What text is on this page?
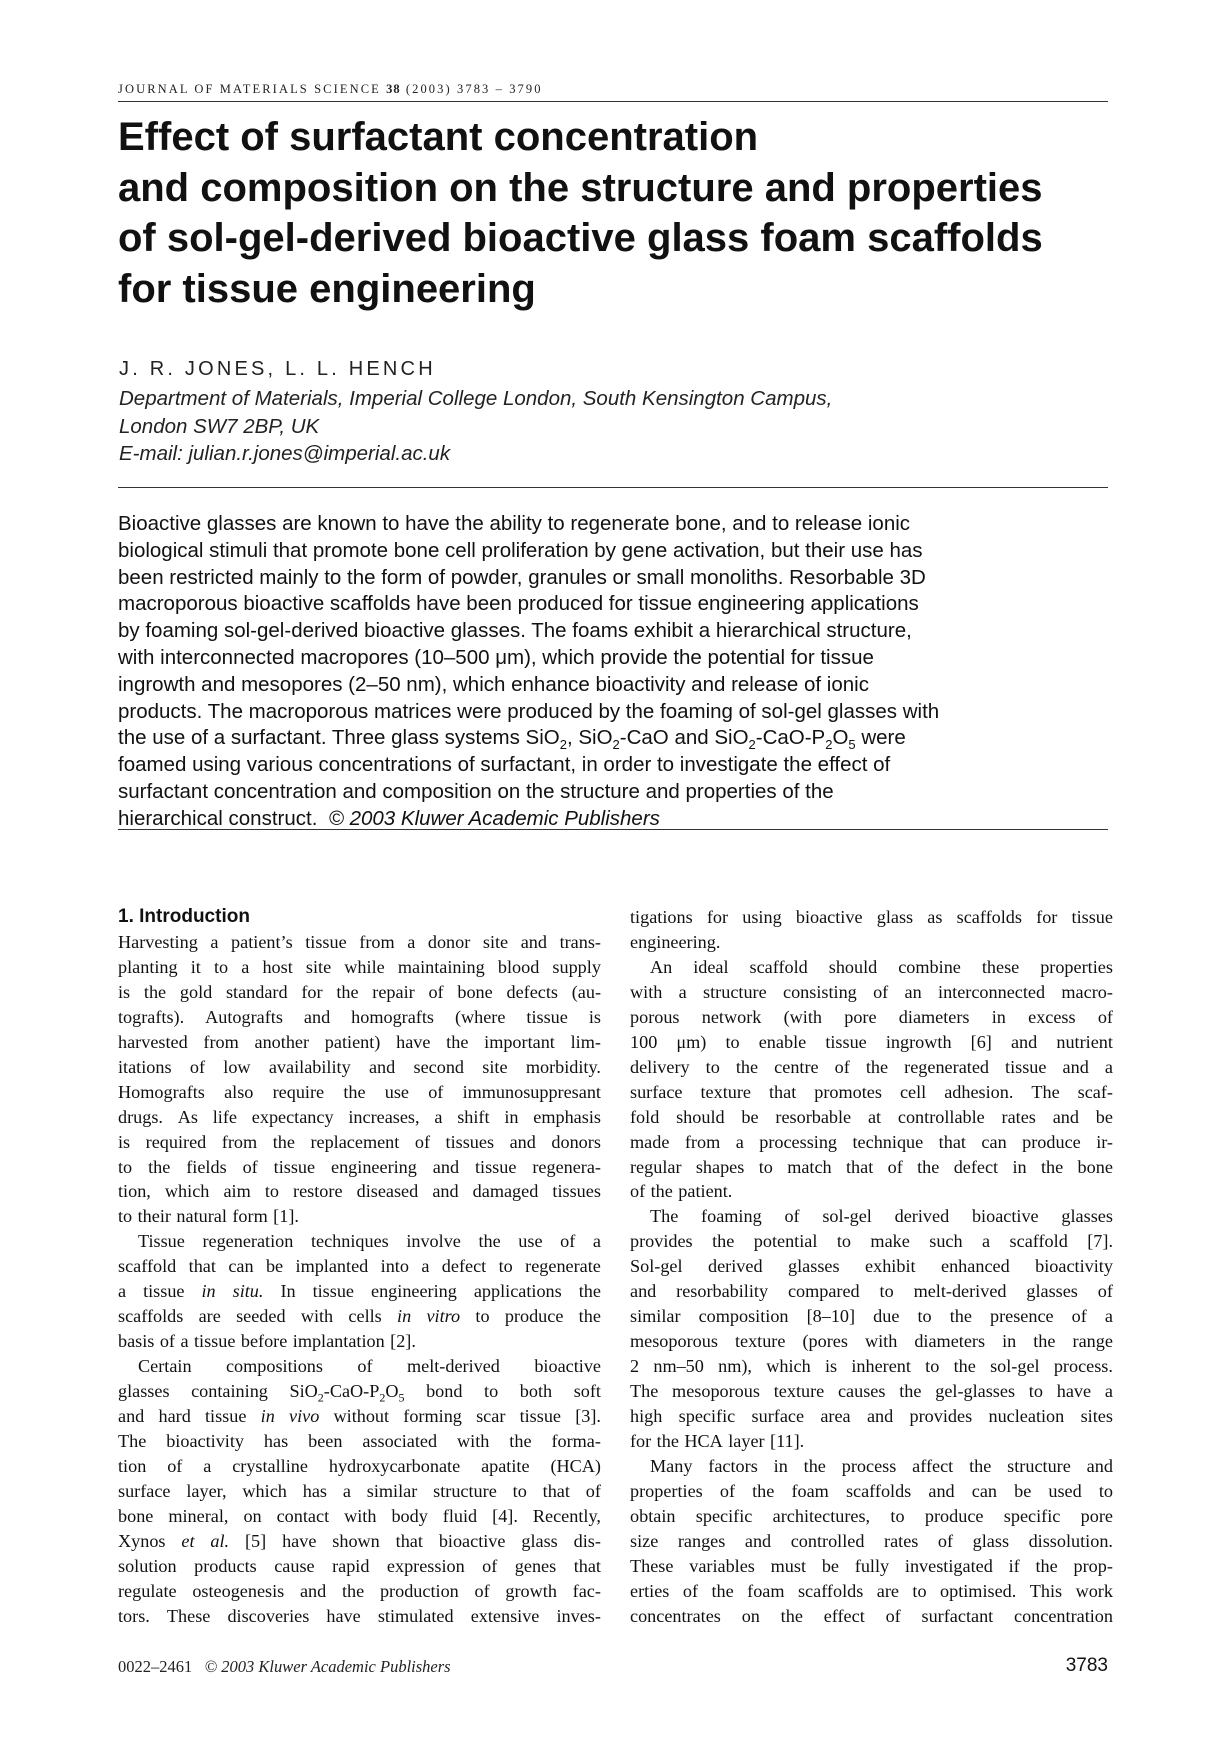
JOURNAL OF MATERIALS SCIENCE 38 (2003) 3783 – 3790
Effect of surfactant concentration
and composition on the structure and properties
of sol-gel-derived bioactive glass foam scaffolds
for tissue engineering
J. R. JONES, L. L. HENCH
Department of Materials, Imperial College London, South Kensington Campus,
London SW7 2BP, UK
E-mail: julian.r.jones@imperial.ac.uk
Bioactive glasses are known to have the ability to regenerate bone, and to release ionic
biological stimuli that promote bone cell proliferation by gene activation, but their use has
been restricted mainly to the form of powder, granules or small monoliths. Resorbable 3D
macroporous bioactive scaffolds have been produced for tissue engineering applications
by foaming sol-gel-derived bioactive glasses. The foams exhibit a hierarchical structure,
with interconnected macropores (10–500 μm), which provide the potential for tissue
ingrowth and mesopores (2–50 nm), which enhance bioactivity and release of ionic
products. The macroporous matrices were produced by the foaming of sol-gel glasses with
the use of a surfactant. Three glass systems SiO$_2$, SiO$_2$-CaO and $SiO_2-CaO-P_2O_5$ were
foamed using various concentrations of surfactant, in order to investigate the effect of
surfactant concentration and composition on the structure and properties of the
hierarchical construct. © 2003 Kluwer Academic Publishers
1. Introduction
Harvesting a patient’s tissue from a donor site and trans-
planting it to a host site while maintaining blood supply
is the gold standard for the repair of bone defects (au-
tografts). Autografts and homografts (where tissue is
harvested from another patient) have the important lim-
itations of low availability and second site morbidity.
Homografts also require the use of immunosuppresant
drugs. As life expectancy increases, a shift in emphasis
is required from the replacement of tissues and donors
to the fields of tissue engineering and tissue regenera-
tion, which aim to restore diseased and damaged tissues
to their natural form [1].
Tissue regeneration techniques involve the use of a
scaffold that can be implanted into a defect to regenerate
a tissue in situ. In tissue engineering applications the
scaffolds are seeded with cells in vitro to produce the
basis of a tissue before implantation [2].
Certain compositions of melt-derived bioactive
glasses containing $SiO_2-CaO-P_2O_5$ bond to both soft
and hard tissue in vivo without forming scar tissue [3].
The bioactivity has been associated with the forma-
tion of a crystalline hydroxycarbonate apatite (HCA)
surface layer, which has a similar structure to that of
bone mineral, on contact with body fluid [4]. Recently,
Xynos et al. [5] have shown that bioactive glass dis-
solution products cause rapid expression of genes that
regulate osteogenesis and the production of growth fac-
tors. These discoveries have stimulated extensive inves-
tigations for using bioactive glass as scaffolds for tissue
engineering.
An ideal scaffold should combine these properties
with a structure consisting of an interconnected macro-
porous network (with pore diameters in excess of
100 μm) to enable tissue ingrowth [6] and nutrient
delivery to the centre of the regenerated tissue and a
surface texture that promotes cell adhesion. The scaf-
fold should be resorbable at controllable rates and be
made from a processing technique that can produce ir-
regular shapes to match that of the defect in the bone
of the patient.
The foaming of sol-gel derived bioactive glasses
provides the potential to make such a scaffold [7].
Sol-gel derived glasses exhibit enhanced bioactivity
and resorbability compared to melt-derived glasses of
similar composition [8–10] due to the presence of a
mesoporous texture (pores with diameters in the range
2 nm–50 nm), which is inherent to the sol-gel process.
The mesoporous texture causes the gel-glasses to have a
high specific surface area and provides nucleation sites
for the HCA layer [11].
Many factors in the process affect the structure and
properties of the foam scaffolds and can be used to
obtain specific architectures, to produce specific pore
size ranges and controlled rates of glass dissolution.
These variables must be fully investigated if the prop-
erties of the foam scaffolds are to optimised. This work
concentrates on the effect of surfactant concentration
0022–2461 © 2003 Kluwer Academic Publishers	3783
